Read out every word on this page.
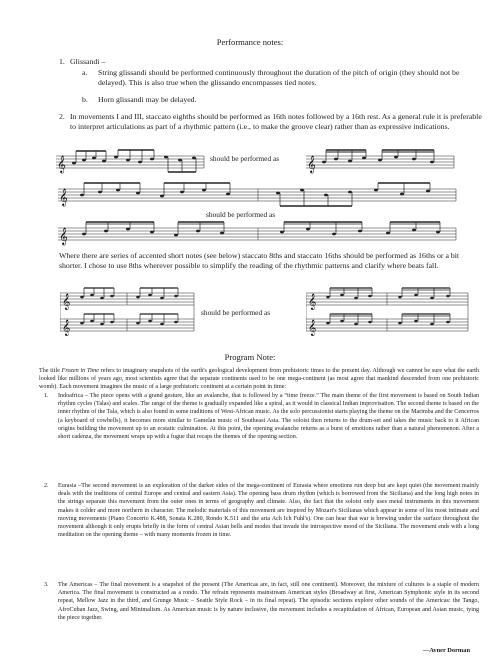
Performance notes:
1. Glissandi –
a. String glissandi should be performed continuously throughout the duration of the pitch of origin (they should not be delayed). This is also true when the glissando encompasses tied notes.
b. Horn glissandi may be delayed.
2. In movements I and III, staccato eighths should be performed as 16th notes followed by a 16th rest. As a general rule it is preferable to interpret articulations as part of a rhythmic pattern (i.e., to make the groove clear) rather than as expressive indications.
𝄞	should be performed as 𝄞
𝄞
should be performed as
𝄞
Where there are series of accented short notes (see below) staccato 8ths and staccato 16ths should be performed as 16ths or a bit shorter. I chose to use 8ths wherever possible to simplify the reading of the rhythmic patterns and clarify where beats fall.
𝄞
𝄞
should be performed as
𝄞
𝄞
Program Note:
The title Frozen in Time refers to imaginary snapshots of the earth's geological development from prehistoric times to the present day. Although we cannot be sure what the earth looked like millions of years ago, most scientists agree that the separate continents used to be one mega-continent (as most agree that mankind descended from one prehistoric womb). Each movement imagines the music of a large prehistoric continent at a certain point in time:
1. Indoafrica – The piece opens with a grand gesture, like an avalanche, that is followed by a “time freeze.” The main theme of the first movement is based on South Indian rhythm cycles (Talas) and scales. The range of the theme is gradually expanded like a spiral, as it would in classical Indian improvisation. The second theme is based on the inner rhythm of the Tala, which is also found in some traditions of West-African music. As the solo percussionist starts playing the theme on the Marimba and the Cencerros (a keyboard of cowbells), it becomes more similar to Gamelan music of Southeast Asia. The soloist then returns to the drum-set and takes the music back to it African origins building the movement up to an ecstatic culmination. At this point, the opening avalanche returns as a burst of emotions rather than a natural phenomenon. After a short cadenza, the movement wraps up with a fugue that recaps the themes of the opening section.
2. Eurasia –The second movement is an exploration of the darker sides of the mega-continent of Eurasia where emotions run deep but are kept quiet (the movement mainly deals with the traditions of central Europe and central and eastern Asia). The opening bass drum rhythm (which is borrowed from the Siciliana) and the long high notes in the strings separate this movement from the outer ones in terms of geography and climate. Also, the fact that the soloist only uses metal instruments in this movement makes it colder and more northern in character. The melodic materials of this movement are inspired by Mozart's Sicilianas which appear in some of his most intimate and moving movements (Piano Concerto K.488, Sonata K.280, Rondo K.511 and the aria Ach Ich Fuhl's). One can hear that war is brewing under the surface throughout the movement although it only erupts briefly in the form of central Asian bells and modes that invade the introspective mood of the Siciliana. The movement ends with a long meditation on the opening theme – with many moments frozen in time.
3. The Americas – The final movement is a snapshot of the present (The Americas are, in fact, still one continent). Moreover, the mixture of cultures is a staple of modern America. The final movement is constructed as a rondo. The refrain represents mainstream American styles (Broadway at first, American Symphonic style in its second repeat, Mellow Jazz in the third, and Grunge Music – Seattle Style Rock – in its final repeat). The episodic sections explore other sounds of the Americas: the Tango, AfroCuban Jazz, Swing, and Minimalism. As American music is by nature inclusive, the movement includes a recapitulation of African, European and Asian music, tying the piece together.
—Avner Dorman
